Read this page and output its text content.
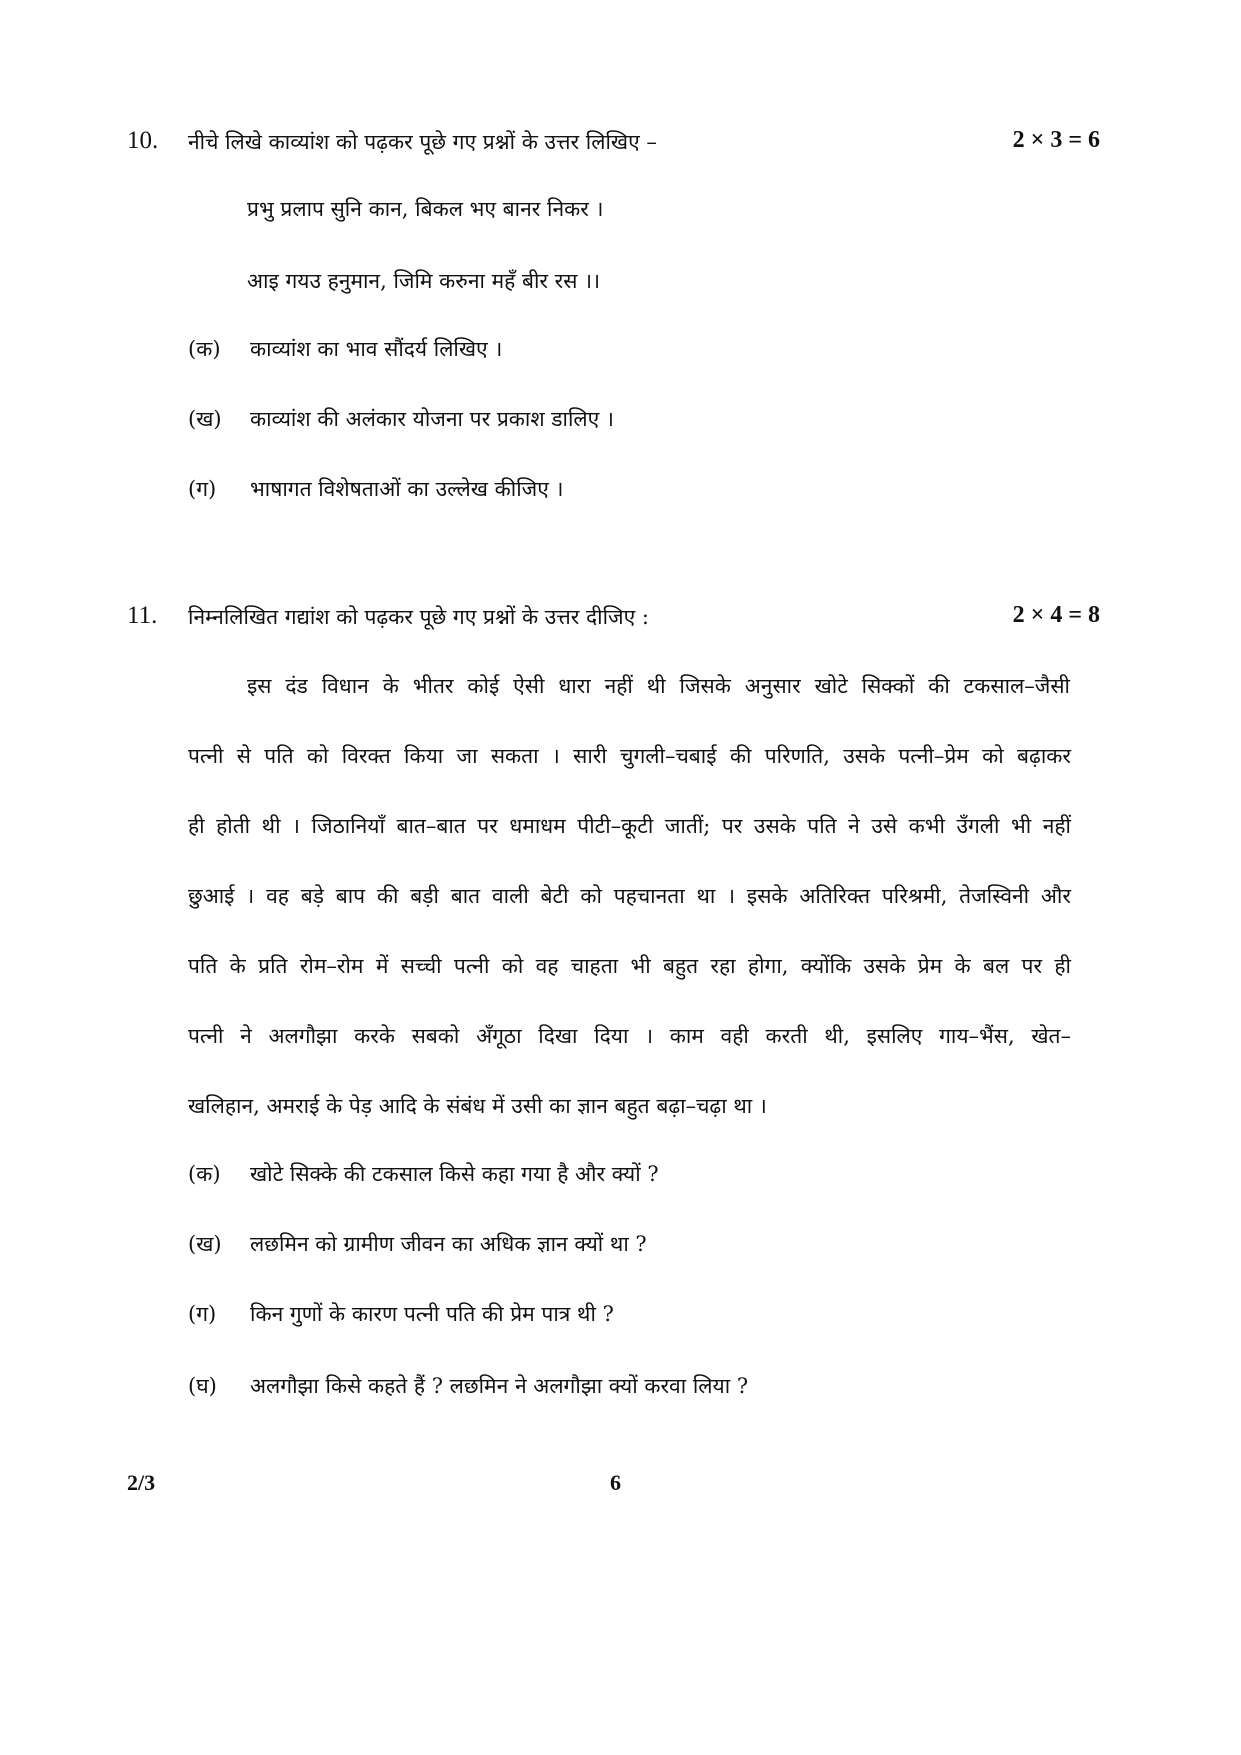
10. नीचे लिखे काव्यांश को पढ़कर पूछे गए प्रश्नों के उत्तर लिखिए –	2 × 3 = 6
प्रभु प्रलाप सुनि कान, बिकल भए बानर निकर ।
आइ गयउ हनुमान, जिमि करुना महँ बीर रस ।।
(क)	काव्यांश का भाव सौंदर्य लिखिए ।
(ख)	काव्यांश की अलंकार योजना पर प्रकाश डालिए ।
(ग)	भाषागत विशेषताओं का उल्लेख कीजिए ।
11. निम्नलिखित गद्यांश को पढ़कर पूछे गए प्रश्नों के उत्तर दीजिए :	2 × 4 = 8
इस दंड विधान के भीतर कोई ऐसी धारा नहीं थी जिसके अनुसार खोटे सिक्कों की टकसाल–जैसी
पत्नी से पति को विरक्त किया जा सकता । सारी चुगली–चबाई की परिणति, उसके पत्नी–प्रेम को बढ़ाकर
ही होती थी । जिठानियाँ बात–बात पर धमाधम पीटी–कूटी जातीं; पर उसके पति ने उसे कभी उँगली भी नहीं
छुआई । वह बड़े बाप की बड़ी बात वाली बेटी को पहचानता था । इसके अतिरिक्त परिश्रमी, तेजस्विनी और
पति के प्रति रोम–रोम में सच्ची पत्नी को वह चाहता भी बहुत रहा होगा, क्योंकि उसके प्रेम के बल पर ही
पत्नी ने अलगौझा करके सबको अँगूठा दिखा दिया । काम वही करती थी, इसलिए गाय–भैंस, खेत–
खलिहान, अमराई के पेड़ आदि के संबंध में उसी का ज्ञान बहुत बढ़ा–चढ़ा था ।
(क)	खोटे सिक्के की टकसाल किसे कहा गया है और क्यों ?
(ख)	लछमिन को ग्रामीण जीवन का अधिक ज्ञान क्यों था ?
(ग)	किन गुणों के कारण पत्नी पति की प्रेम पात्र थी ?
(घ)	अलगौझा किसे कहते हैं ? लछमिन ने अलगौझा क्यों करवा लिया ?
2/3	6
